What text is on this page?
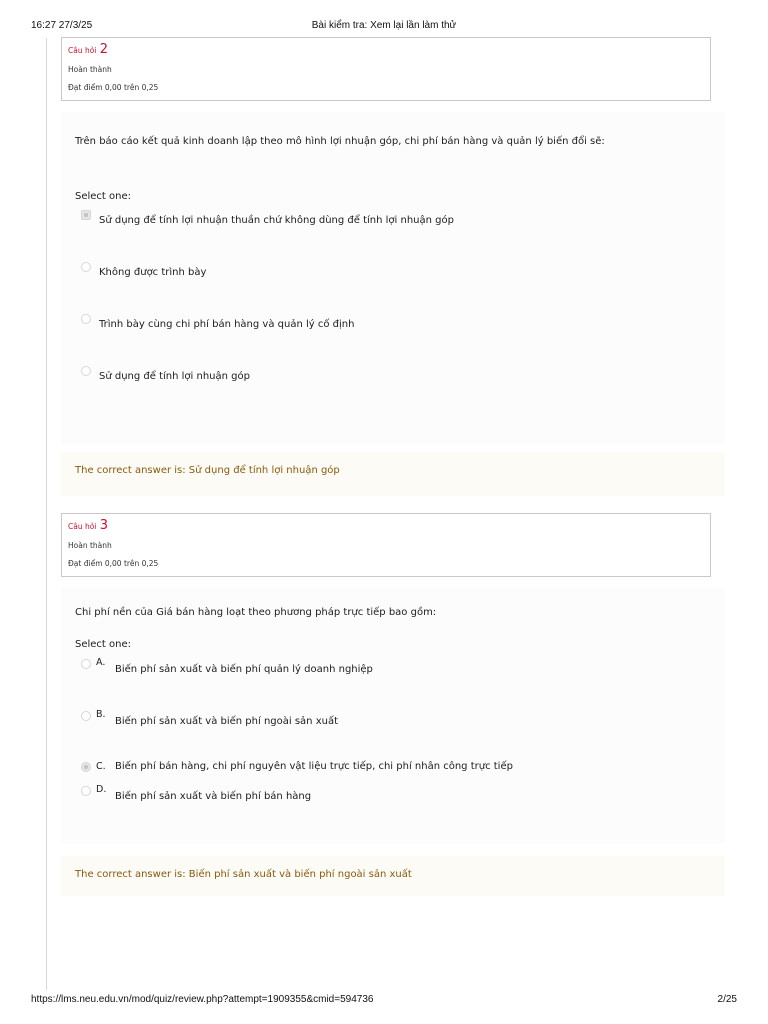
16:27 27/3/25	Bài kiểm tra: Xem lại lần làm thử
Câu hỏi 2
Hoàn thành
Đạt điểm 0,00 trên 0,25
Trên báo cáo kết quả kinh doanh lập theo mô hình lợi nhuận góp, chi phí bán hàng và quản lý biến đổi sẽ:
Select one:
Sử dụng để tính lợi nhuận thuần chứ không dùng để tính lợi nhuận góp
Không được trình bày
Trình bày cùng chi phí bán hàng và quản lý cố định
Sử dụng để tính lợi nhuận góp
The correct answer is: Sử dụng để tính lợi nhuận góp
Câu hỏi 3
Hoàn thành
Đạt điểm 0,00 trên 0,25
Chi phí nền của Giá bán hàng loạt theo phương pháp trực tiếp bao gồm:
Select one:
A.
Biến phí sản xuất và biến phí quản lý doanh nghiệp
B.
Biến phí sản xuất và biến phí ngoài sản xuất
C. Biến phí bán hàng, chi phí nguyên vật liệu trực tiếp, chi phí nhân công trực tiếp
D.
Biến phí sản xuất và biến phí bán hàng
The correct answer is: Biến phí sản xuất và biến phí ngoài sản xuất
https://lms.neu.edu.vn/mod/quiz/review.php?attempt=1909355&cmid=594736	2/25
